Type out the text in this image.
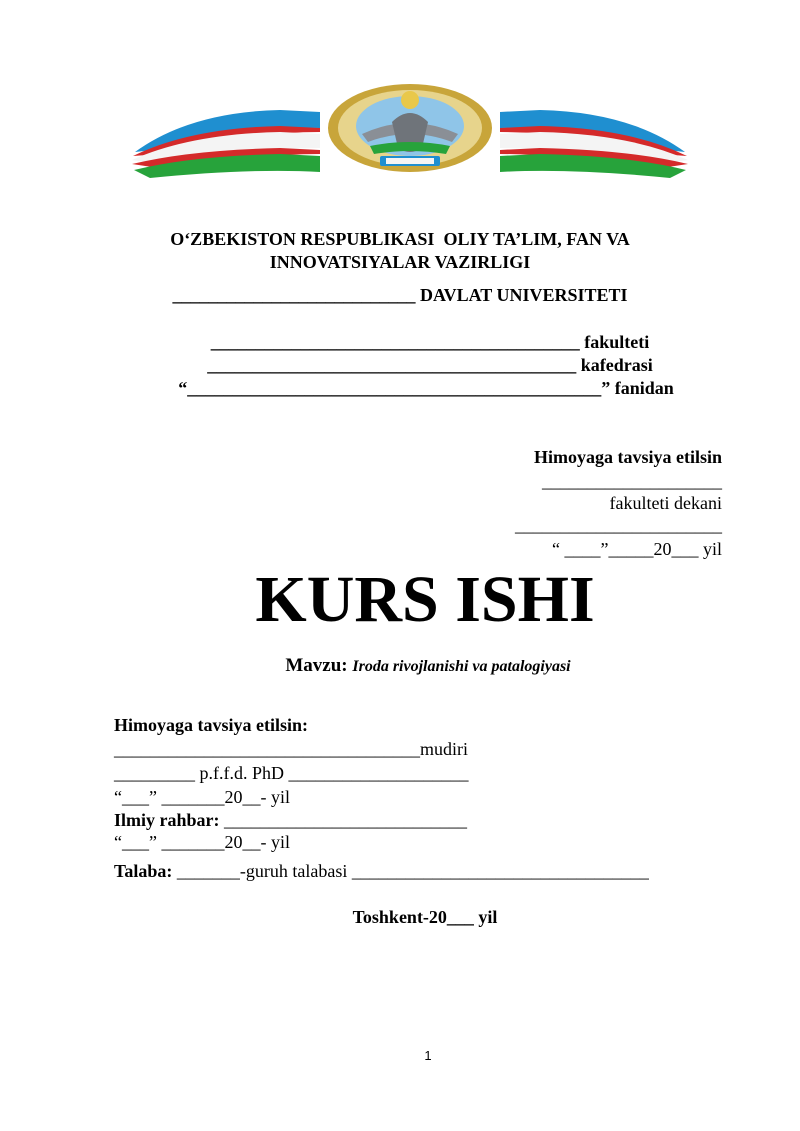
O‘ZBEKISTON RESPUBLIKASI  OLIY TA’LIM, FAN VA
INNOVATSIYALAR VAZIRLIGI
___________________________ DAVLAT UNIVERSITETI
_________________________________________ fakulteti
_________________________________________ kafedrasi
“______________________________________________” fanidan
Himoyaga tavsiya etilsin
____________________
fakulteti dekani
_______________________
“ ____”_____20___ yil
KURS ISHI
Mavzu: Iroda rivojlanishi va patalogiyasi
Himoyaga tavsiya etilsin:
__________________________________mudiri
_________ p.f.f.d. PhD ____________________
“___” _______20__- yil
Ilmiy rahbar: ___________________________
“___” _______20__- yil
Talaba: _______-guruh talabasi _________________________________
Toshkent-20___ yil
1
